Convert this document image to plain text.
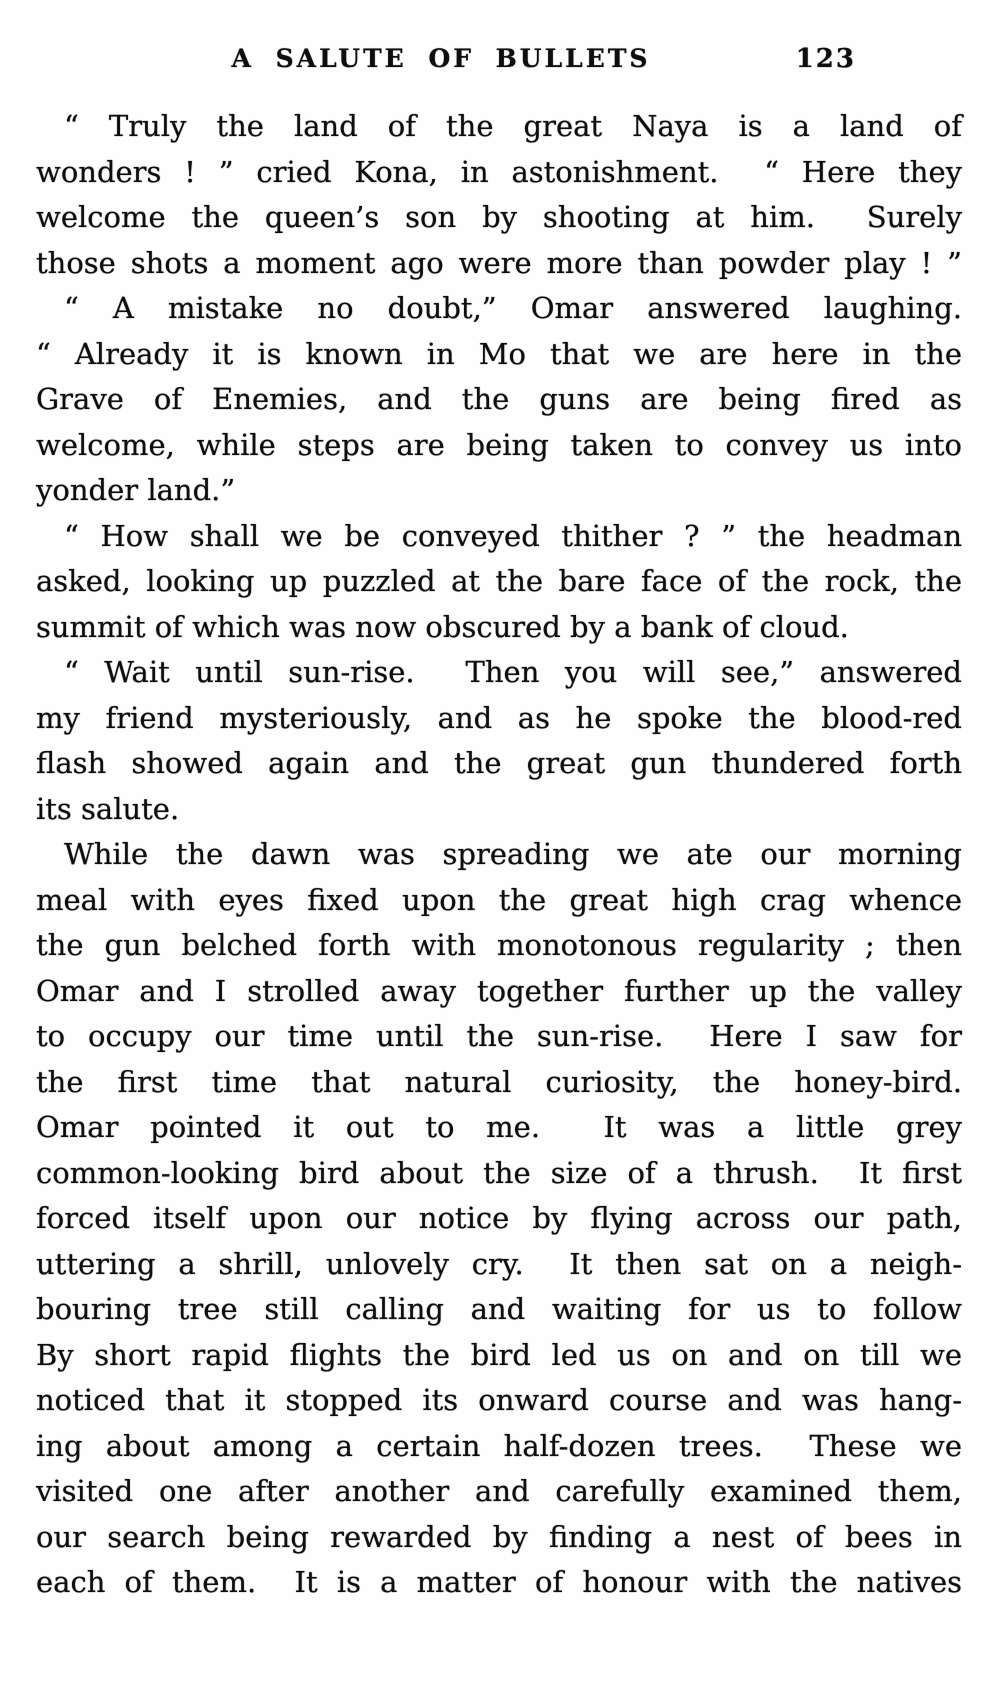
A SALUTE OF BULLETS	123
“ Truly the land of the great Naya is a land of
wonders ! ” cried Kona, in astonishment.  “ Here they
welcome the queen’s son by shooting at him.  Surely
those shots a moment ago were more than powder play ! ”
“ A mistake no doubt,” Omar answered laughing.
“ Already it is known in Mo that we are here in the
Grave of Enemies, and the guns are being fired as
welcome, while steps are being taken to convey us into
yonder land.”
“ How shall we be conveyed thither ? ” the headman
asked, looking up puzzled at the bare face of the rock, the
summit of which was now obscured by a bank of cloud.
“ Wait until sun-rise.  Then you will see,” answered
my friend mysteriously, and as he spoke the blood-red
flash showed again and the great gun thundered forth
its salute.
While the dawn was spreading we ate our morning
meal with eyes fixed upon the great high crag whence
the gun belched forth with monotonous regularity ; then
Omar and I strolled away together further up the valley
to occupy our time until the sun-rise.  Here I saw for
the first time that natural curiosity, the honey-bird.
Omar pointed it out to me.  It was a little grey
common-looking bird about the size of a thrush.  It first
forced itself upon our notice by flying across our path,
uttering a shrill, unlovely cry.  It then sat on a neigh-
bouring tree still calling and waiting for us to follow
By short rapid flights the bird led us on and on till we
noticed that it stopped its onward course and was hang-
ing about among a certain half-dozen trees.  These we
visited one after another and carefully examined them,
our search being rewarded by finding a nest of bees in
each of them.  It is a matter of honour with the natives
